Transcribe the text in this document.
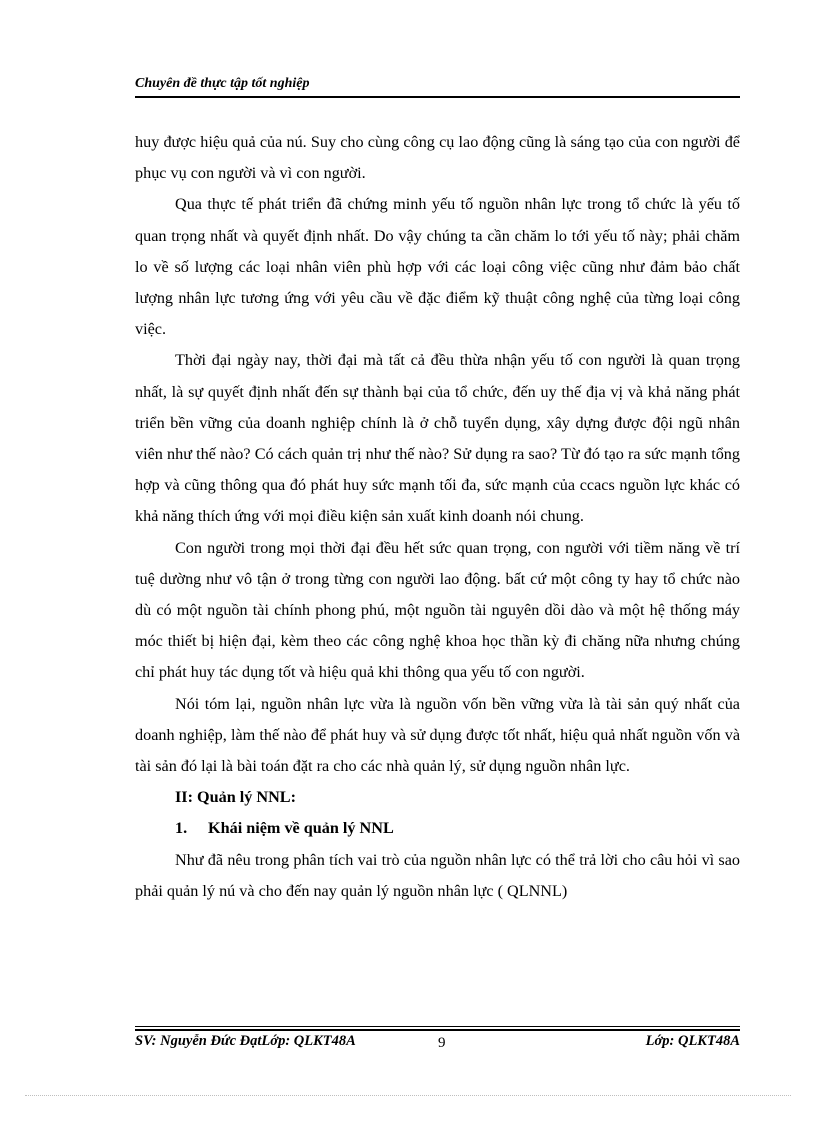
Chuyên đề thực tập tốt nghiệp

huy được hiệu quả của nú. Suy cho cùng công cụ lao động cũng là sáng tạo của con người để phục vụ con người và vì con người.

Qua thực tế phát triển đã chứng minh yếu tố nguồn nhân lực trong tổ chức là yếu tố quan trọng nhất và quyết định nhất. Do vậy chúng ta cần chăm lo tới yếu tố này; phải chăm lo về số lượng các loại nhân viên phù hợp với các loại công việc cũng như đảm bảo chất lượng nhân lực tương ứng với yêu cầu về đặc điểm kỹ thuật công nghệ của từng loại công việc.

Thời đại ngày nay, thời đại mà tất cả đều thừa nhận yếu tố con người là quan trọng nhất, là sự quyết định nhất đến sự thành bại của tổ chức, đến uy thế địa vị và khả năng phát triển bền vững của doanh nghiệp chính là ở chỗ tuyển dụng, xây dựng được đội ngũ nhân viên như thế nào? Có cách quản trị như thế nào? Sử dụng ra sao? Từ đó tạo ra sức mạnh tổng hợp và cũng thông qua đó phát huy sức mạnh tối đa, sức mạnh của ccacs nguồn lực khác có khả năng thích ứng với mọi điều kiện sản xuất kinh doanh nói chung.

Con người trong mọi thời đại đều hết sức quan trọng, con người với tiềm năng về trí tuệ dường như vô tận ở trong từng con người lao động. bất cứ một công ty hay tổ chức nào dù có một nguồn tài chính phong phú, một nguồn tài nguyên dồi dào và một hệ thống máy móc thiết bị hiện đại, kèm theo các công nghệ khoa học thần kỳ đi chăng nữa nhưng chúng chỉ phát huy tác dụng tốt và hiệu quả khi thông qua yếu tố con người.

Nói tóm lại, nguồn nhân lực vừa là nguồn vốn bền vững vừa là tài sản quý nhất của doanh nghiệp, làm thế nào để phát huy và sử dụng được tốt nhất, hiệu quả nhất nguồn vốn và tài sản đó lại là bài toán đặt ra cho các nhà quản lý, sử dụng nguồn nhân lực.

II: Quản lý NNL:

1. Khái niệm về quản lý NNL

Như đã nêu trong phân tích vai trò của nguồn nhân lực có thể trả lời cho câu hỏi vì sao phải quản lý nú và cho đến nay quản lý nguồn nhân lực ( QLNNL)

SV: Nguyễn Đức ĐạtLớp: QLKT48A	9	Lớp: QLKT48A
